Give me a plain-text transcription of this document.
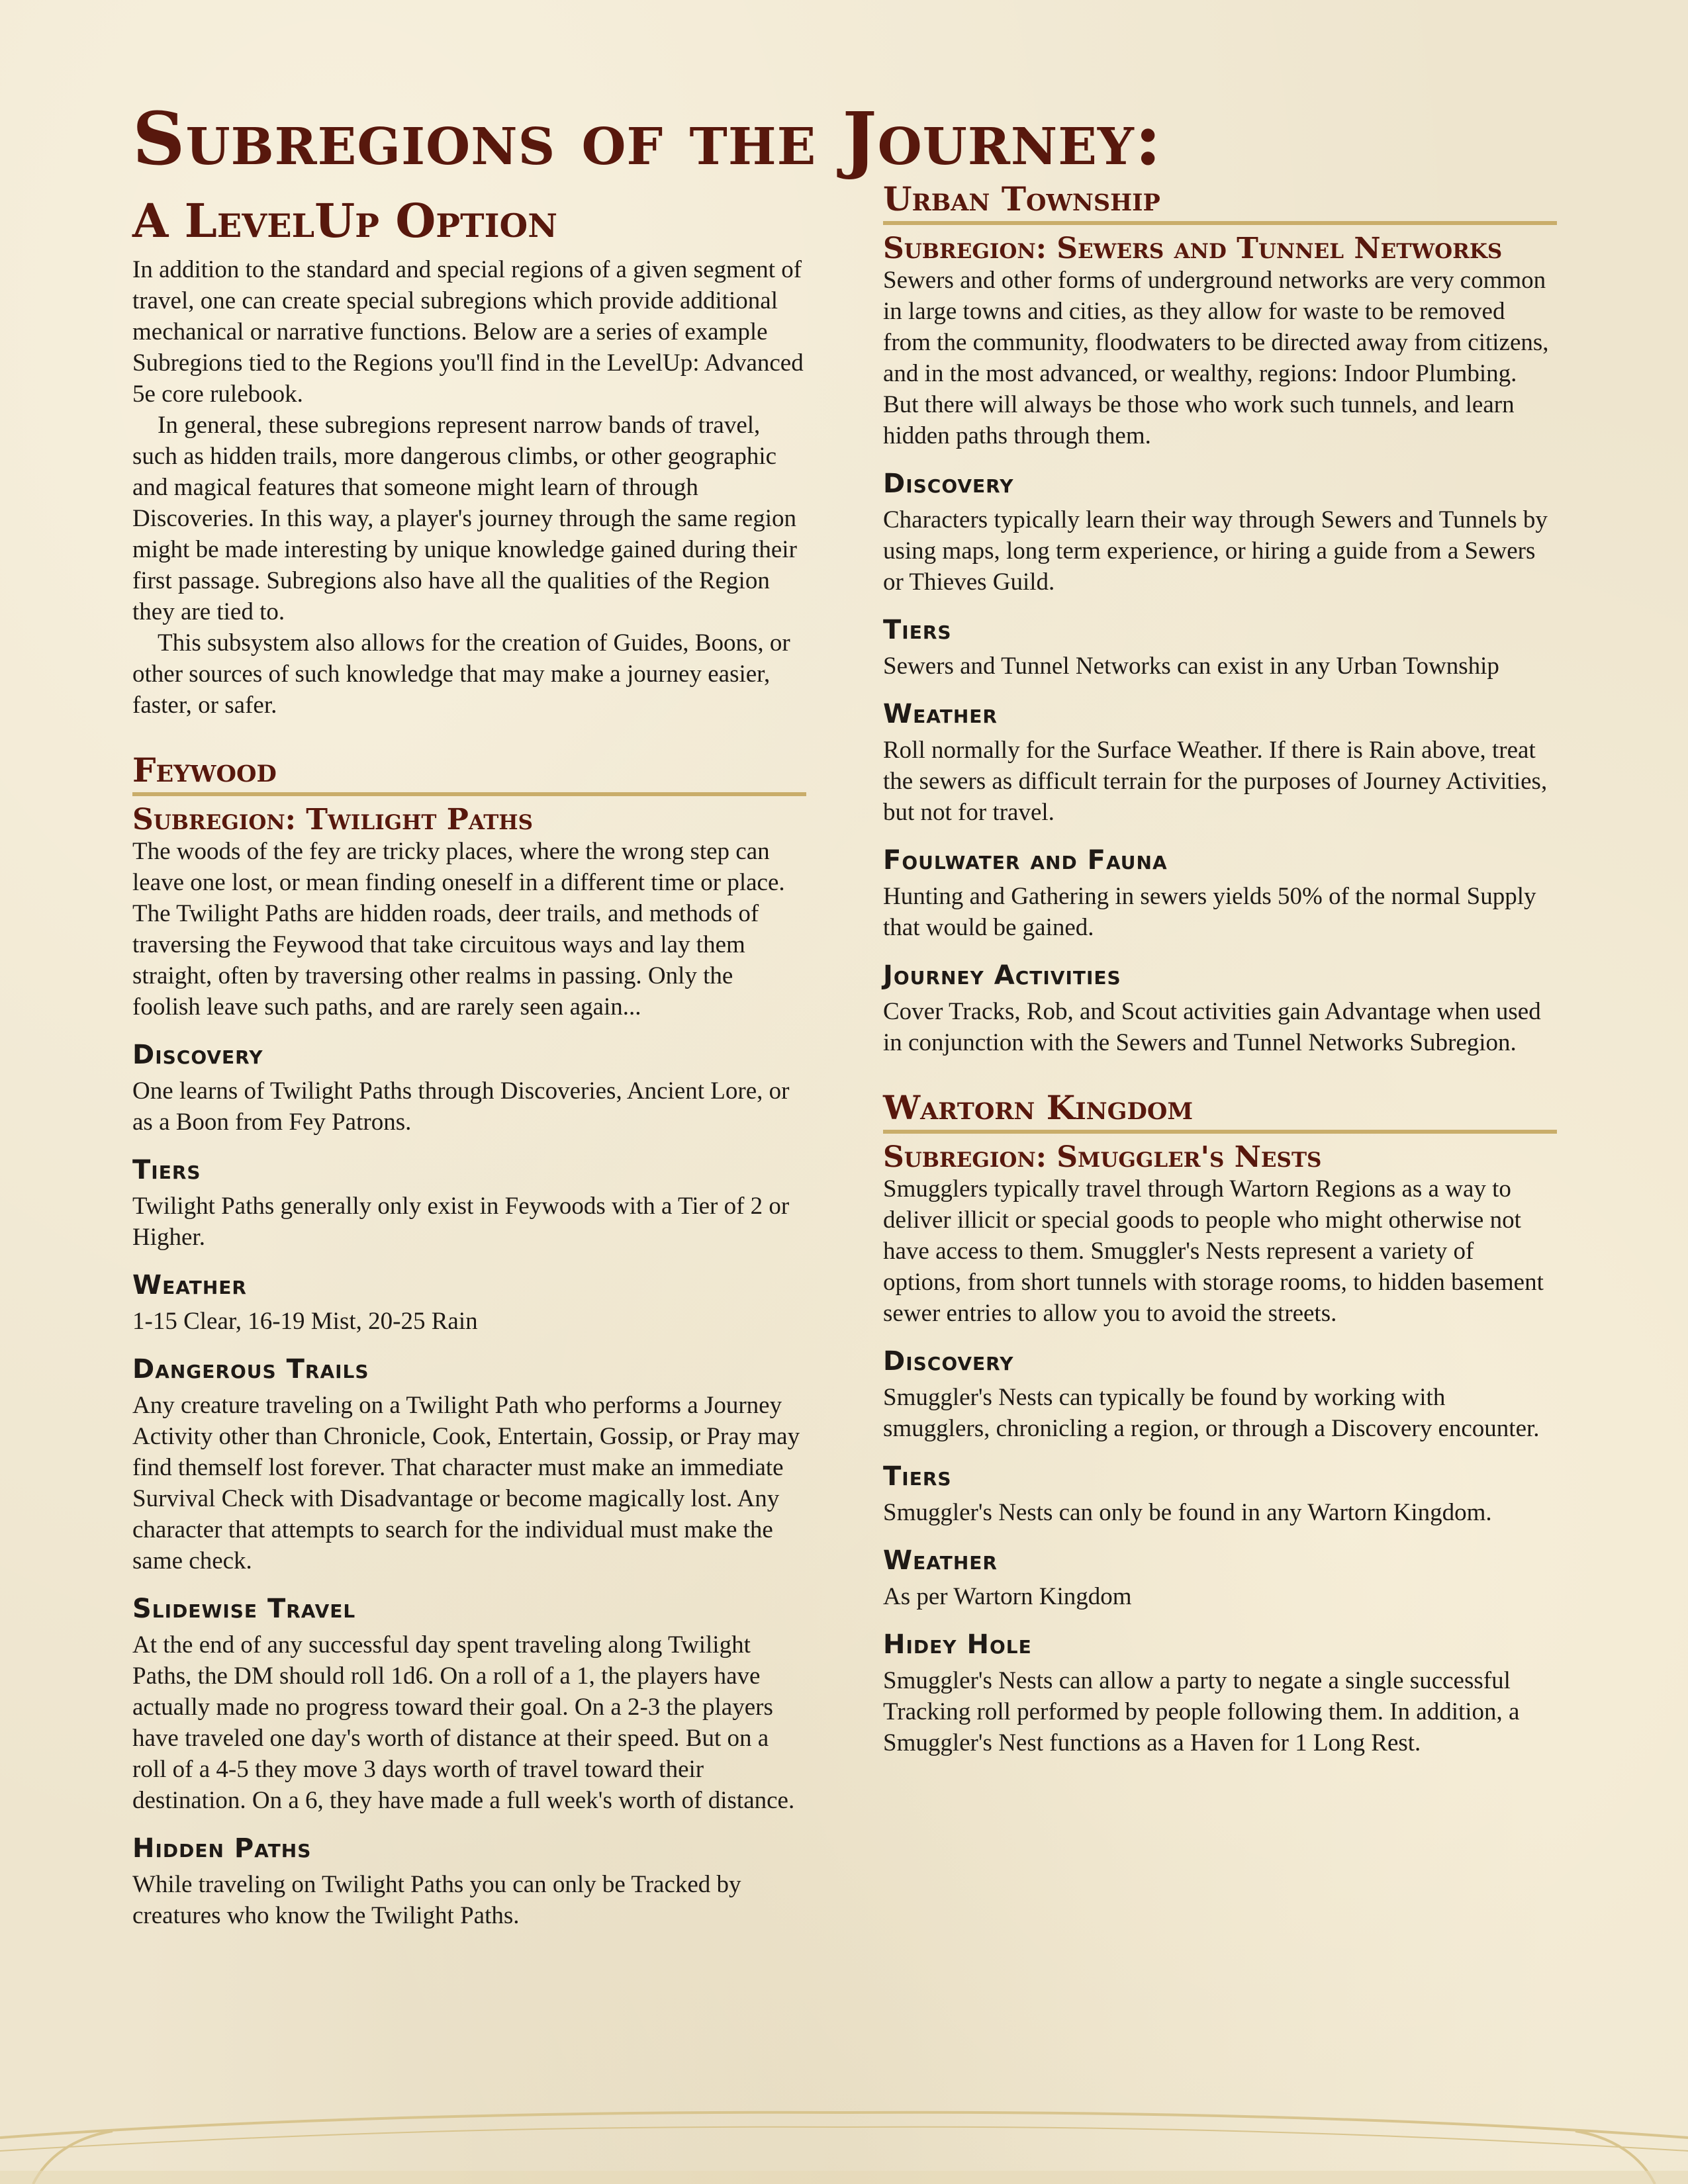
Subregions of the Journey:
A LevelUp Option

In addition to the standard and special regions of a given segment of travel, one can create special subregions which provide additional mechanical or narrative functions. Below are a series of example Subregions tied to the Regions you'll find in the LevelUp: Advanced 5e core rulebook.

In general, these subregions represent narrow bands of travel, such as hidden trails, more dangerous climbs, or other geographic and magical features that someone might learn of through Discoveries. In this way, a player's journey through the same region might be made interesting by unique knowledge gained during their first passage. Subregions also have all the qualities of the Region they are tied to.

This subsystem also allows for the creation of Guides, Boons, or other sources of such knowledge that may make a journey easier, faster, or safer.

Feywood
Subregion: Twilight Paths

The woods of the fey are tricky places, where the wrong step can leave one lost, or mean finding oneself in a different time or place. The Twilight Paths are hidden roads, deer trails, and methods of traversing the Feywood that take circuitous ways and lay them straight, often by traversing other realms in passing. Only the foolish leave such paths, and are rarely seen again...

Discovery

One learns of Twilight Paths through Discoveries, Ancient Lore, or as a Boon from Fey Patrons.

Tiers

Twilight Paths generally only exist in Feywoods with a Tier of 2 or Higher.

Weather

1-15 Clear, 16-19 Mist, 20-25 Rain

Dangerous Trails

Any creature traveling on a Twilight Path who performs a Journey Activity other than Chronicle, Cook, Entertain, Gossip, or Pray may find themself lost forever. That character must make an immediate Survival Check with Disadvantage or become magically lost. Any character that attempts to search for the individual must make the same check.

Slidewise Travel

At the end of any successful day spent traveling along Twilight Paths, the DM should roll 1d6. On a roll of a 1, the players have actually made no progress toward their goal. On a 2-3 the players have traveled one day's worth of distance at their speed. But on a roll of a 4-5 they move 3 days worth of travel toward their destination. On a 6, they have made a full week's worth of distance.

Hidden Paths

While traveling on Twilight Paths you can only be Tracked by creatures who know the Twilight Paths.

Urban Township
Subregion: Sewers and Tunnel Networks

Sewers and other forms of underground networks are very common in large towns and cities, as they allow for waste to be removed from the community, floodwaters to be directed away from citizens, and in the most advanced, or wealthy, regions: Indoor Plumbing. But there will always be those who work such tunnels, and learn hidden paths through them.

Discovery

Characters typically learn their way through Sewers and Tunnels by using maps, long term experience, or hiring a guide from a Sewers or Thieves Guild.

Tiers

Sewers and Tunnel Networks can exist in any Urban Township

Weather

Roll normally for the Surface Weather. If there is Rain above, treat the sewers as difficult terrain for the purposes of Journey Activities, but not for travel.

Foulwater and Fauna

Hunting and Gathering in sewers yields 50% of the normal Supply that would be gained.

Journey Activities

Cover Tracks, Rob, and Scout activities gain Advantage when used in conjunction with the Sewers and Tunnel Networks Subregion.

Wartorn Kingdom
Subregion: Smuggler's Nests

Smugglers typically travel through Wartorn Regions as a way to deliver illicit or special goods to people who might otherwise not have access to them. Smuggler's Nests represent a variety of options, from short tunnels with storage rooms, to hidden basement sewer entries to allow you to avoid the streets.

Discovery

Smuggler's Nests can typically be found by working with smugglers, chronicling a region, or through a Discovery encounter.

Tiers

Smuggler's Nests can only be found in any Wartorn Kingdom.

Weather

As per Wartorn Kingdom

Hidey Hole

Smuggler's Nests can allow a party to negate a single successful Tracking roll performed by people following them. In addition, a Smuggler's Nest functions as a Haven for 1 Long Rest.
